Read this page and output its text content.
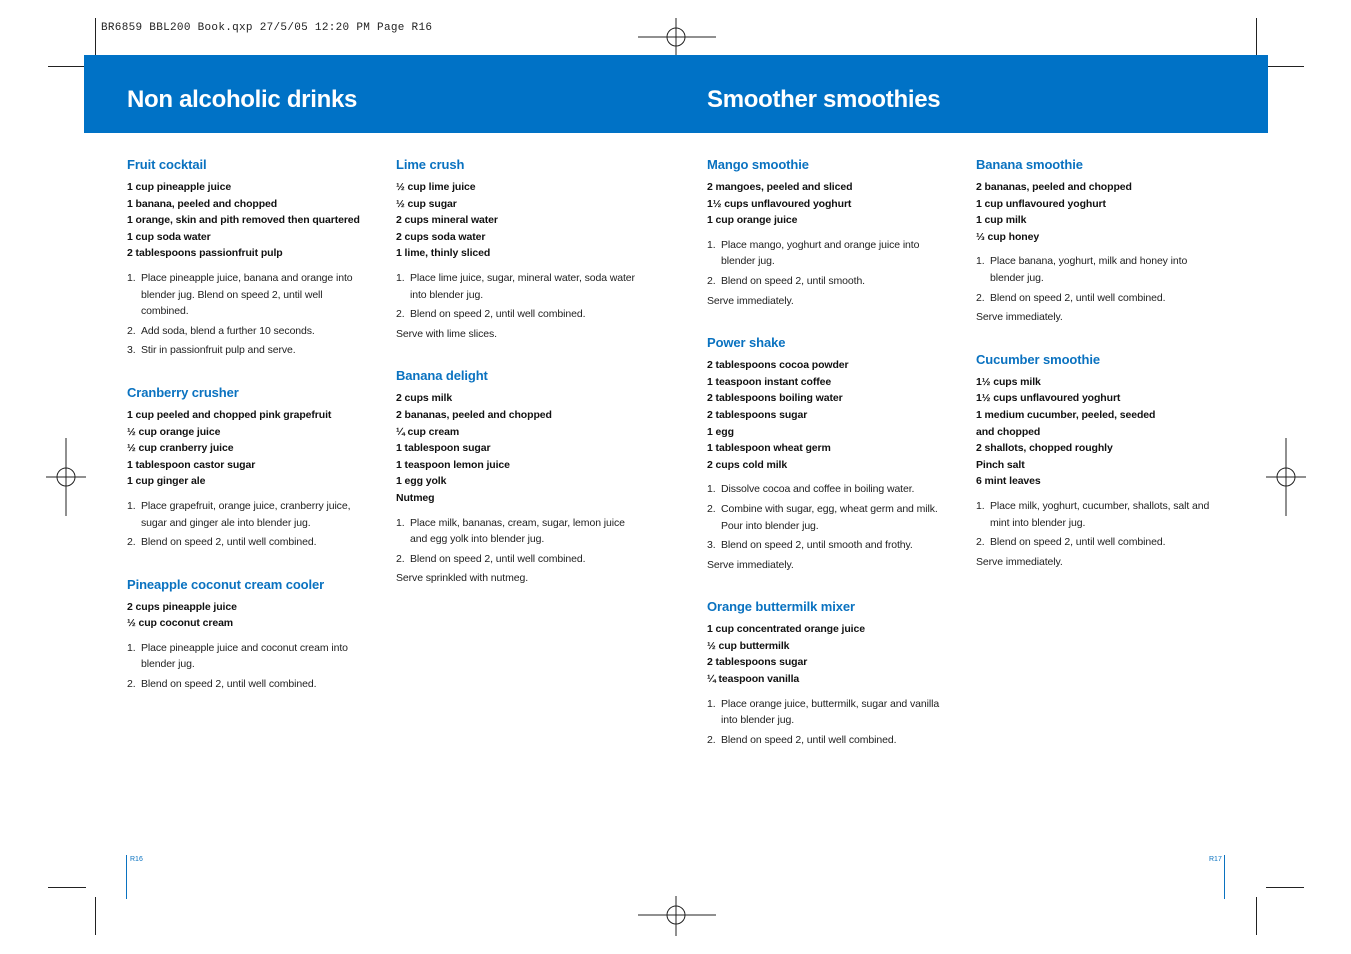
BR6859 BBL200 Book.qxp 27/5/05 12:20 PM Page R16
Non alcoholic drinks	Smoother smoothies
Fruit cocktail
1 cup pineapple juice
1 banana, peeled and chopped
1 orange, skin and pith removed then quartered
1 cup soda water
2 tablespoons passionfruit pulp
1. Place pineapple juice, banana and orange into blender jug. Blend on speed 2, until well combined.
2. Add soda, blend a further 10 seconds.
3. Stir in passionfruit pulp and serve.
Cranberry crusher
1 cup peeled and chopped pink grapefruit
½ cup orange juice
½ cup cranberry juice
1 tablespoon castor sugar
1 cup ginger ale
1. Place grapefruit, orange juice, cranberry juice, sugar and ginger ale into blender jug.
2. Blend on speed 2, until well combined.
Pineapple coconut cream cooler
2 cups pineapple juice
½ cup coconut cream
1. Place pineapple juice and coconut cream into blender jug.
2. Blend on speed 2, until well combined.
Lime crush
½ cup lime juice
½ cup sugar
2 cups mineral water
2 cups soda water
1 lime, thinly sliced
1. Place lime juice, sugar, mineral water, soda water into blender jug.
2. Blend on speed 2, until well combined.

Serve with lime slices.

Banana delight
2 cups milk
2 bananas, peeled and chopped
¼ cup cream
1 tablespoon sugar
1 teaspoon lemon juice
1 egg yolk
Nutmeg
1. Place milk, bananas, cream, sugar, lemon juice and egg yolk into blender jug.
2. Blend on speed 2, until well combined.

Serve sprinkled with nutmeg.

Mango smoothie
2 mangoes, peeled and sliced
1½ cups unflavoured yoghurt
1 cup orange juice
1. Place mango, yoghurt and orange juice into blender jug.
2. Blend on speed 2, until smooth.

Serve immediately.

Power shake
2 tablespoons cocoa powder
1 teaspoon instant coffee
2 tablespoons boiling water
2 tablespoons sugar
1 egg
1 tablespoon wheat germ
2 cups cold milk
1. Dissolve cocoa and coffee in boiling water.
2. Combine with sugar, egg, wheat germ and milk. Pour into blender jug.
3. Blend on speed 2, until smooth and frothy.

Serve immediately.

Orange buttermilk mixer
1 cup concentrated orange juice
½ cup buttermilk
2 tablespoons sugar
¼ teaspoon vanilla
1. Place orange juice, buttermilk, sugar and vanilla into blender jug.
2. Blend on speed 2, until well combined.
Banana smoothie
2 bananas, peeled and chopped
1 cup unflavoured yoghurt
1 cup milk
⅓ cup honey
1. Place banana, yoghurt, milk and honey into blender jug.
2. Blend on speed 2, until well combined.

Serve immediately.

Cucumber smoothie
1½ cups milk
1½ cups unflavoured yoghurt
1 medium cucumber, peeled, seeded
and chopped
2 shallots, chopped roughly
Pinch salt
6 mint leaves
1. Place milk, yoghurt, cucumber, shallots, salt and mint into blender jug.
2. Blend on speed 2, until well combined.

Serve immediately.

R16	R17
